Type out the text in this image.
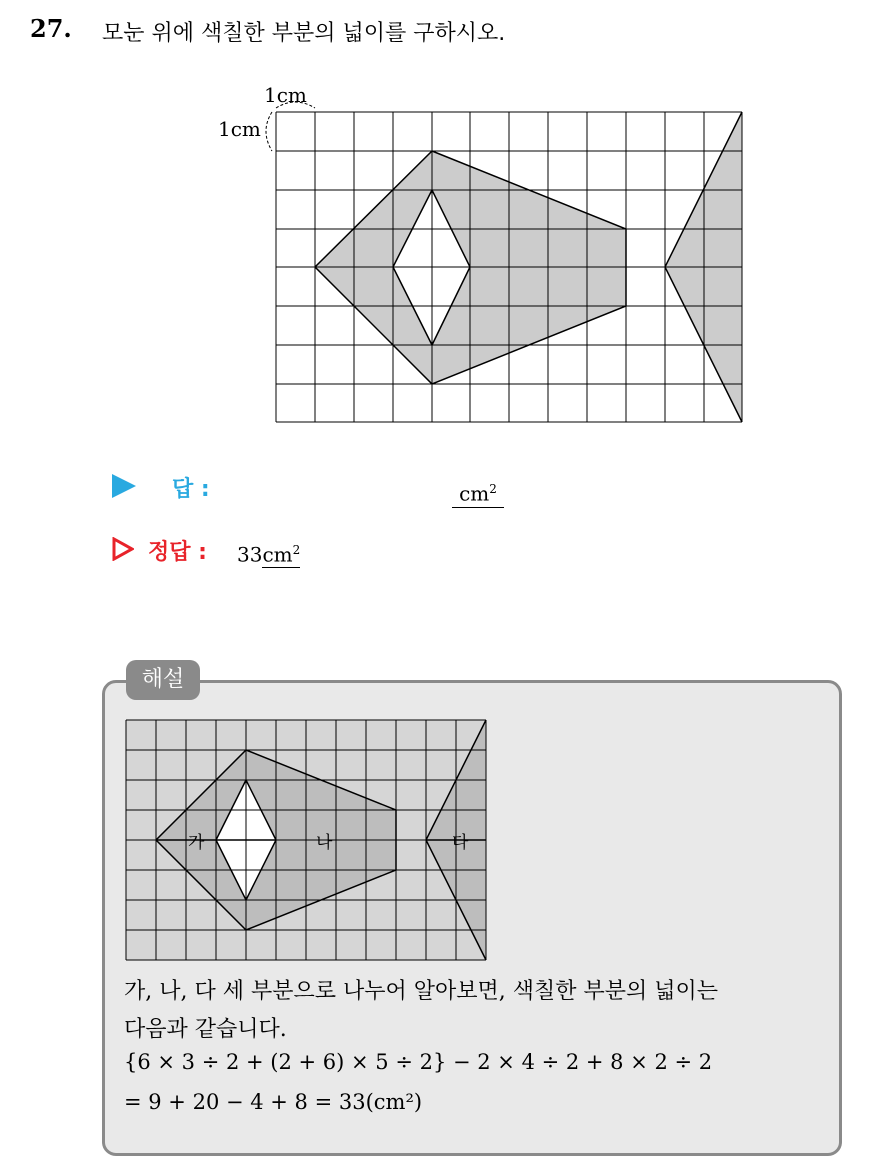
27. 모눈 위에 색칠한 부분의 넓이를 구하시오.
1cm
1cm
답 :	$cm^2$
정답 : $33cm^2$
해설
가	나	다
가, 나, 다 세 부분으로 나누어 알아보면, 색칠한 부분의 넓이는
다음과 같습니다.
{6 × 3 ÷ 2 + (2 + 6) × 5 ÷ 2} − 2 × 4 ÷ 2 + 8 × 2 ÷ 2
= 9 + 20 − 4 + 8 = 33(cm²)
